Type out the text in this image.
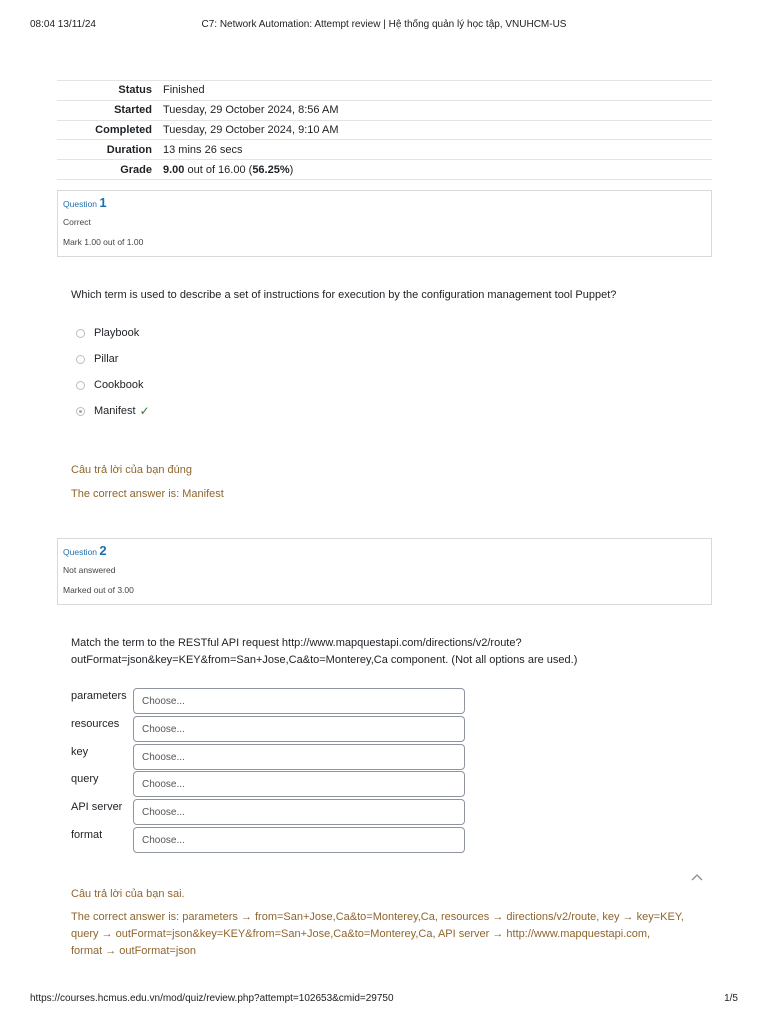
08:04 13/11/24	C7: Network Automation: Attempt review | Hệ thống quản lý học tập, VNUHCM-US
Status	Finished
Started	Tuesday, 29 October 2024, 8:56 AM
Completed	Tuesday, 29 October 2024, 9:10 AM
Duration	13 mins 26 secs
Grade	9.00 out of 16.00 (56.25%)
Question 1
Correct
Mark 1.00 out of 1.00
Which term is used to describe a set of instructions for execution by the configuration management tool Puppet?
Playbook
Pillar
Cookbook
Manifest ✓
Câu trả lời của bạn đúng
The correct answer is: Manifest
Question 2
Not answered
Marked out of 3.00
Match the term to the RESTful API request http://www.mapquestapi.com/directions/v2/route?
outFormat=json&key=KEY&from=San+Jose,Ca&to=Monterey,Ca component. (Not all options are used.)
parameters	Choose...
resources	Choose...
key	Choose...
query	Choose...
API server	Choose...
format	Choose...
Câu trả lời của bạn sai.
The correct answer is: parameters → from=San+Jose,Ca&to=Monterey,Ca, resources → directions/v2/route, key → key=KEY,
query → outFormat=json&key=KEY&from=San+Jose,Ca&to=Monterey,Ca, API server → http://www.mapquestapi.com,
format → outFormat=json
https://courses.hcmus.edu.vn/mod/quiz/review.php?attempt=102653&cmid=29750	1/5
